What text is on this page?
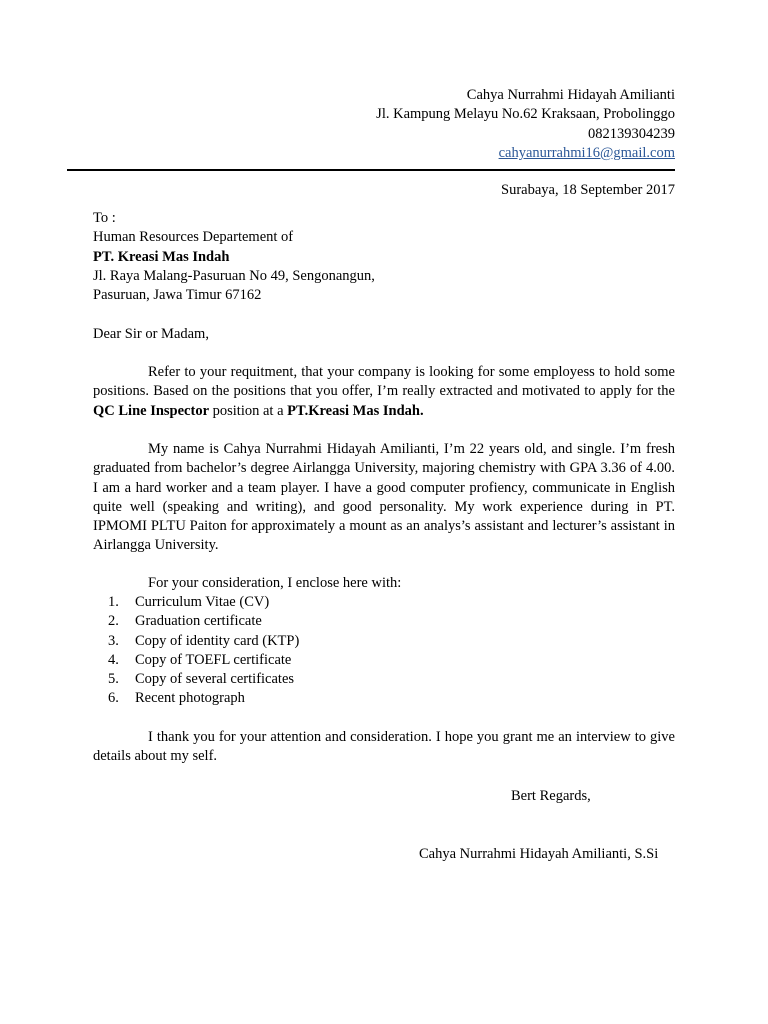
Cahya Nurrahmi Hidayah Amilianti
Jl. Kampung Melayu No.62 Kraksaan, Probolinggo
082139304239
cahyanurrahmi16@gmail.com
Surabaya, 18 September 2017
To :
Human Resources Departement of
PT. Kreasi Mas Indah
Jl. Raya Malang-Pasuruan No 49, Sengonangun,
Pasuruan, Jawa Timur 67162
Dear Sir or Madam,

Refer to your requitment, that your company is looking for some employess to hold some positions. Based on the positions that you offer, I’m really extracted and motivated to apply for the QC Line Inspector position at a PT.Kreasi Mas Indah.

My name is Cahya Nurrahmi Hidayah Amilianti, I’m 22 years old, and single. I’m fresh graduated from bachelor’s degree Airlangga University, majoring chemistry with GPA 3.36 of 4.00. I am a hard worker and a team player. I have a good computer profiency, communicate in English quite well (speaking and writing), and good personality. My work experience during in PT. IPMOMI PLTU Paiton for approximately a mount as an analys’s assistant and lecturer’s assistant in Airlangga University.

For your consideration, I enclose here with:

1. Curriculum Vitae (CV)
2. Graduation certificate
3. Copy of identity card (KTP)
4. Copy of TOEFL certificate
5. Copy of several certificates
6. Recent photograph

I thank you for your attention and consideration. I hope you grant me an interview to give details about my self.

Bert Regards,
Cahya Nurrahmi Hidayah Amilianti, S.Si
